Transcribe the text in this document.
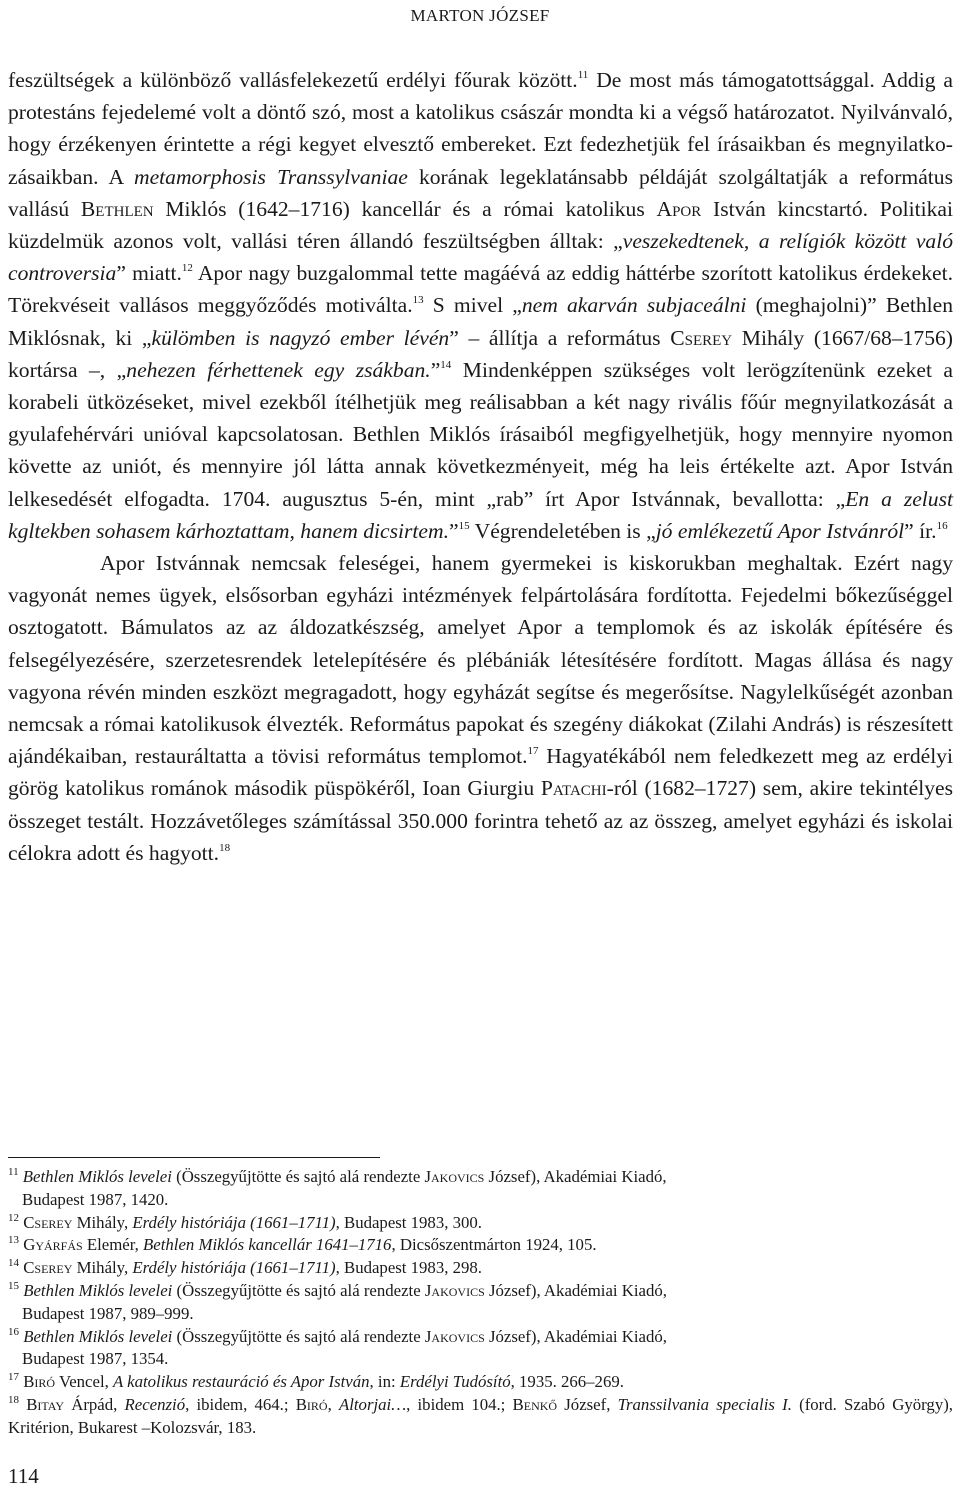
MARTON JÓZSEF

feszültségek a különböző vallásfelekezetű erdélyi főurak között.$^{11}$ De most más támogatottsággal. Addig a protestáns fejedelemé volt a döntő szó, most a katolikus császár mondta ki a végső határozatot. Nyilvánvaló, hogy érzékenyen érintette a régi kegyet elvesztő embereket. Ezt fedezhetjük fel írásaikban és megnyilatkozásaikban. A metamorphosis Transsylvaniae korának legeklatánsabb példáját szolgáltatják a református vallású Bethlen Miklós (1642–1716) kancellár és a római katolikus Apor István kincstartó. Politikai küzdelmük azonos volt, vallási téren állandó feszültségben álltak: „veszekedtenek, a relígiók között való controversia” miatt.$^{12}$ Apor nagy buzgalommal tette magáévá az eddig háttérbe szorított katolikus érdekeket. Törekvéseit vallásos meggyőződés motiválta.$^{13}$ S mivel „nem akarván subjaceálni (meghajolni)” Bethlen Miklósnak, ki „külömben is nagyzó ember lévén” – állítja a református Cserey Mihály (1667/68–1756) kortársa –, „nehezen férhettenek egy zsákban.”$^{14}$ Mindenképpen szükséges volt lerögzítenünk ezeket a korabeli ütközéseket, mivel ezekből ítélhetjük meg reálisabban a két nagy rivális főúr megnyilatkozását a gyulafehérvári unióval kapcsolatosan. Bethlen Miklós írásaiból megfigyelhetjük, hogy mennyire nyomon követte az uniót, és mennyire jól látta annak következményeit, még ha leis értékelte azt. Apor István lelkesedését elfogadta. 1704. augusztus 5-én, mint „rab” írt Apor Istvánnak, bevallotta: „En a zelust kgltekben sohasem kárhoztattam, hanem dicsirtem.”$^{15}$ Végrendeletében is „jó emlékezetű Apor Istvánról” ír.$^{16}$

Apor Istvánnak nemcsak feleségei, hanem gyermekei is kiskorukban meghaltak. Ezért nagy vagyonát nemes ügyek, elsősorban egyházi intézmények felpártolására fordította. Fejedelmi bőkezűséggel osztogatott. Bámulatos az az áldozatkészség, amelyet Apor a templomok és az iskolák építésére és felsegélyezésére, szerzetesrendek letelepítésére és plébániák létesítésére fordított. Magas állása és nagy vagyona révén minden eszközt megragadott, hogy egyházát segítse és megerősítse. Nagylelkűségét azonban nemcsak a római katolikusok élvezték. Református papokat és szegény diákokat (Zilahi András) is részesített ajándékaiban, restauráltatta a tövisi református templomot.$^{17}$ Hagyatékából nem feledkezett meg az erdélyi görög katolikus románok második püspökéről, Ioan Giurgiu Patachi-ról (1682–1727) sem, akire tekintélyes összeget testált. Hozzávetőleges számítással 350.000 forintra tehető az az összeg, amelyet egyházi és iskolai célokra adott és hagyott.$^{18}$

$^{11}$ Bethlen Miklós levelei (Összegyűjtötte és sajtó alá rendezte Jakovics József), Akadémiai Kiadó,
Budapest 1987, 1420.
$^{12}$ Cserey Mihály, Erdély históriája (1661–1711), Budapest 1983, 300.
$^{13}$ Gyárfás Elemér, Bethlen Miklós kancellár 1641–1716, Dicsőszentmárton 1924, 105.
$^{14}$ Cserey Mihály, Erdély históriája (1661–1711), Budapest 1983, 298.
$^{15}$ Bethlen Miklós levelei (Összegyűjtötte és sajtó alá rendezte Jakovics József), Akadémiai Kiadó,
Budapest 1987, 989–999.
$^{16}$ Bethlen Miklós levelei (Összegyűjtötte és sajtó alá rendezte Jakovics József), Akadémiai Kiadó,
Budapest 1987, 1354.
$^{17}$ Biró Vencel, A katolikus restauráció és Apor István, in: Erdélyi Tudósító, 1935. 266–269.
$^{18}$ Bitay Árpád, Recenzió, ibidem, 464.; Biró, Altorjai…, ibidem 104.; Benkő József, Transsilvania specialis I. (ford. Szabó György), Kritérion, Bukarest –Kolozsvár, 183.
114
